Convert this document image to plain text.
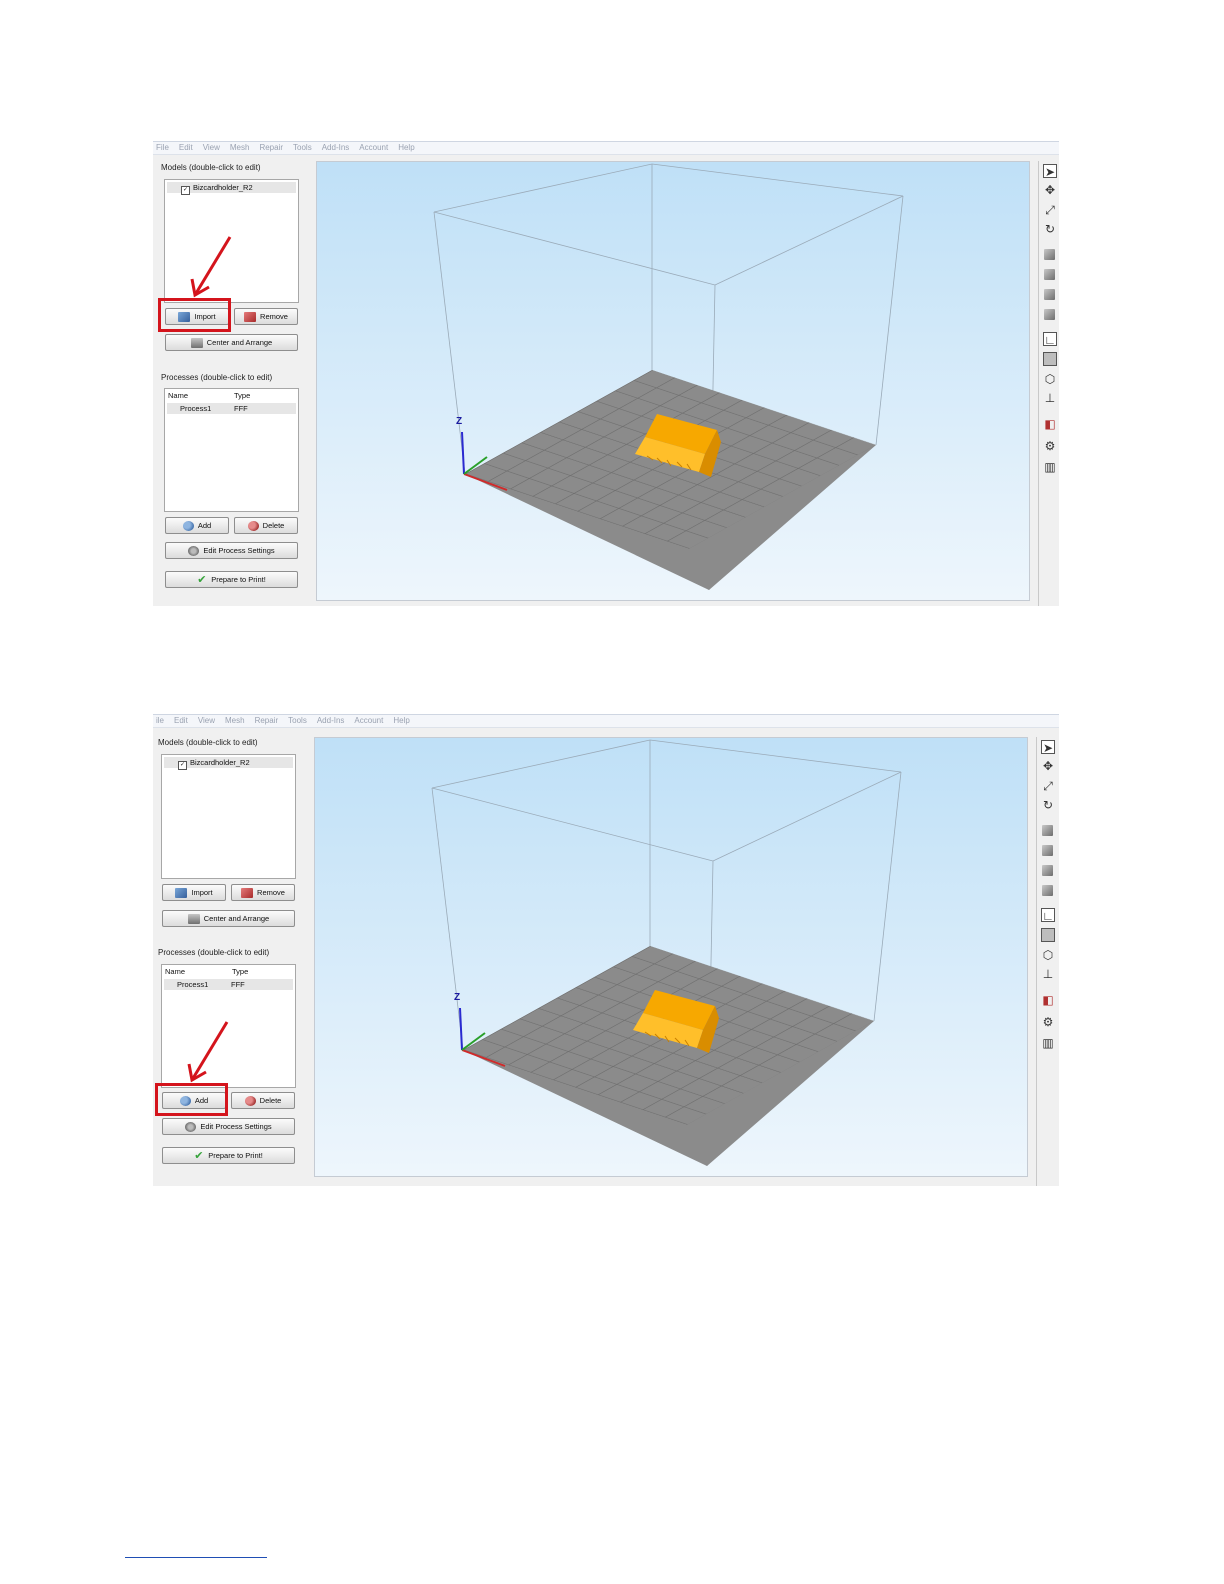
File Edit View Mesh Repair Tools Add-Ins Account Help
Models (double-click to edit)
✓ Bizcardholder_R2
Import	Remove
Center and Arrange
Processes (double-click to edit)
Name	Type
Process1	FFF
Add	Delete
Edit Process Settings
✔ Prepare to Print!
Z
➤
✥
⤢
↻
∟
⬡
⊥
◧
⚙
▥
ile Edit View Mesh Repair Tools Add-Ins Account Help
Models (double-click to edit)
✓ Bizcardholder_R2
Import	Remove
Center and Arrange
Processes (double-click to edit)
Name	Type
Process1	FFF
Add	Delete
Edit Process Settings
✔ Prepare to Print!
Z
➤
✥
⤢
↻
∟
⬡
⊥
◧
⚙
▥
